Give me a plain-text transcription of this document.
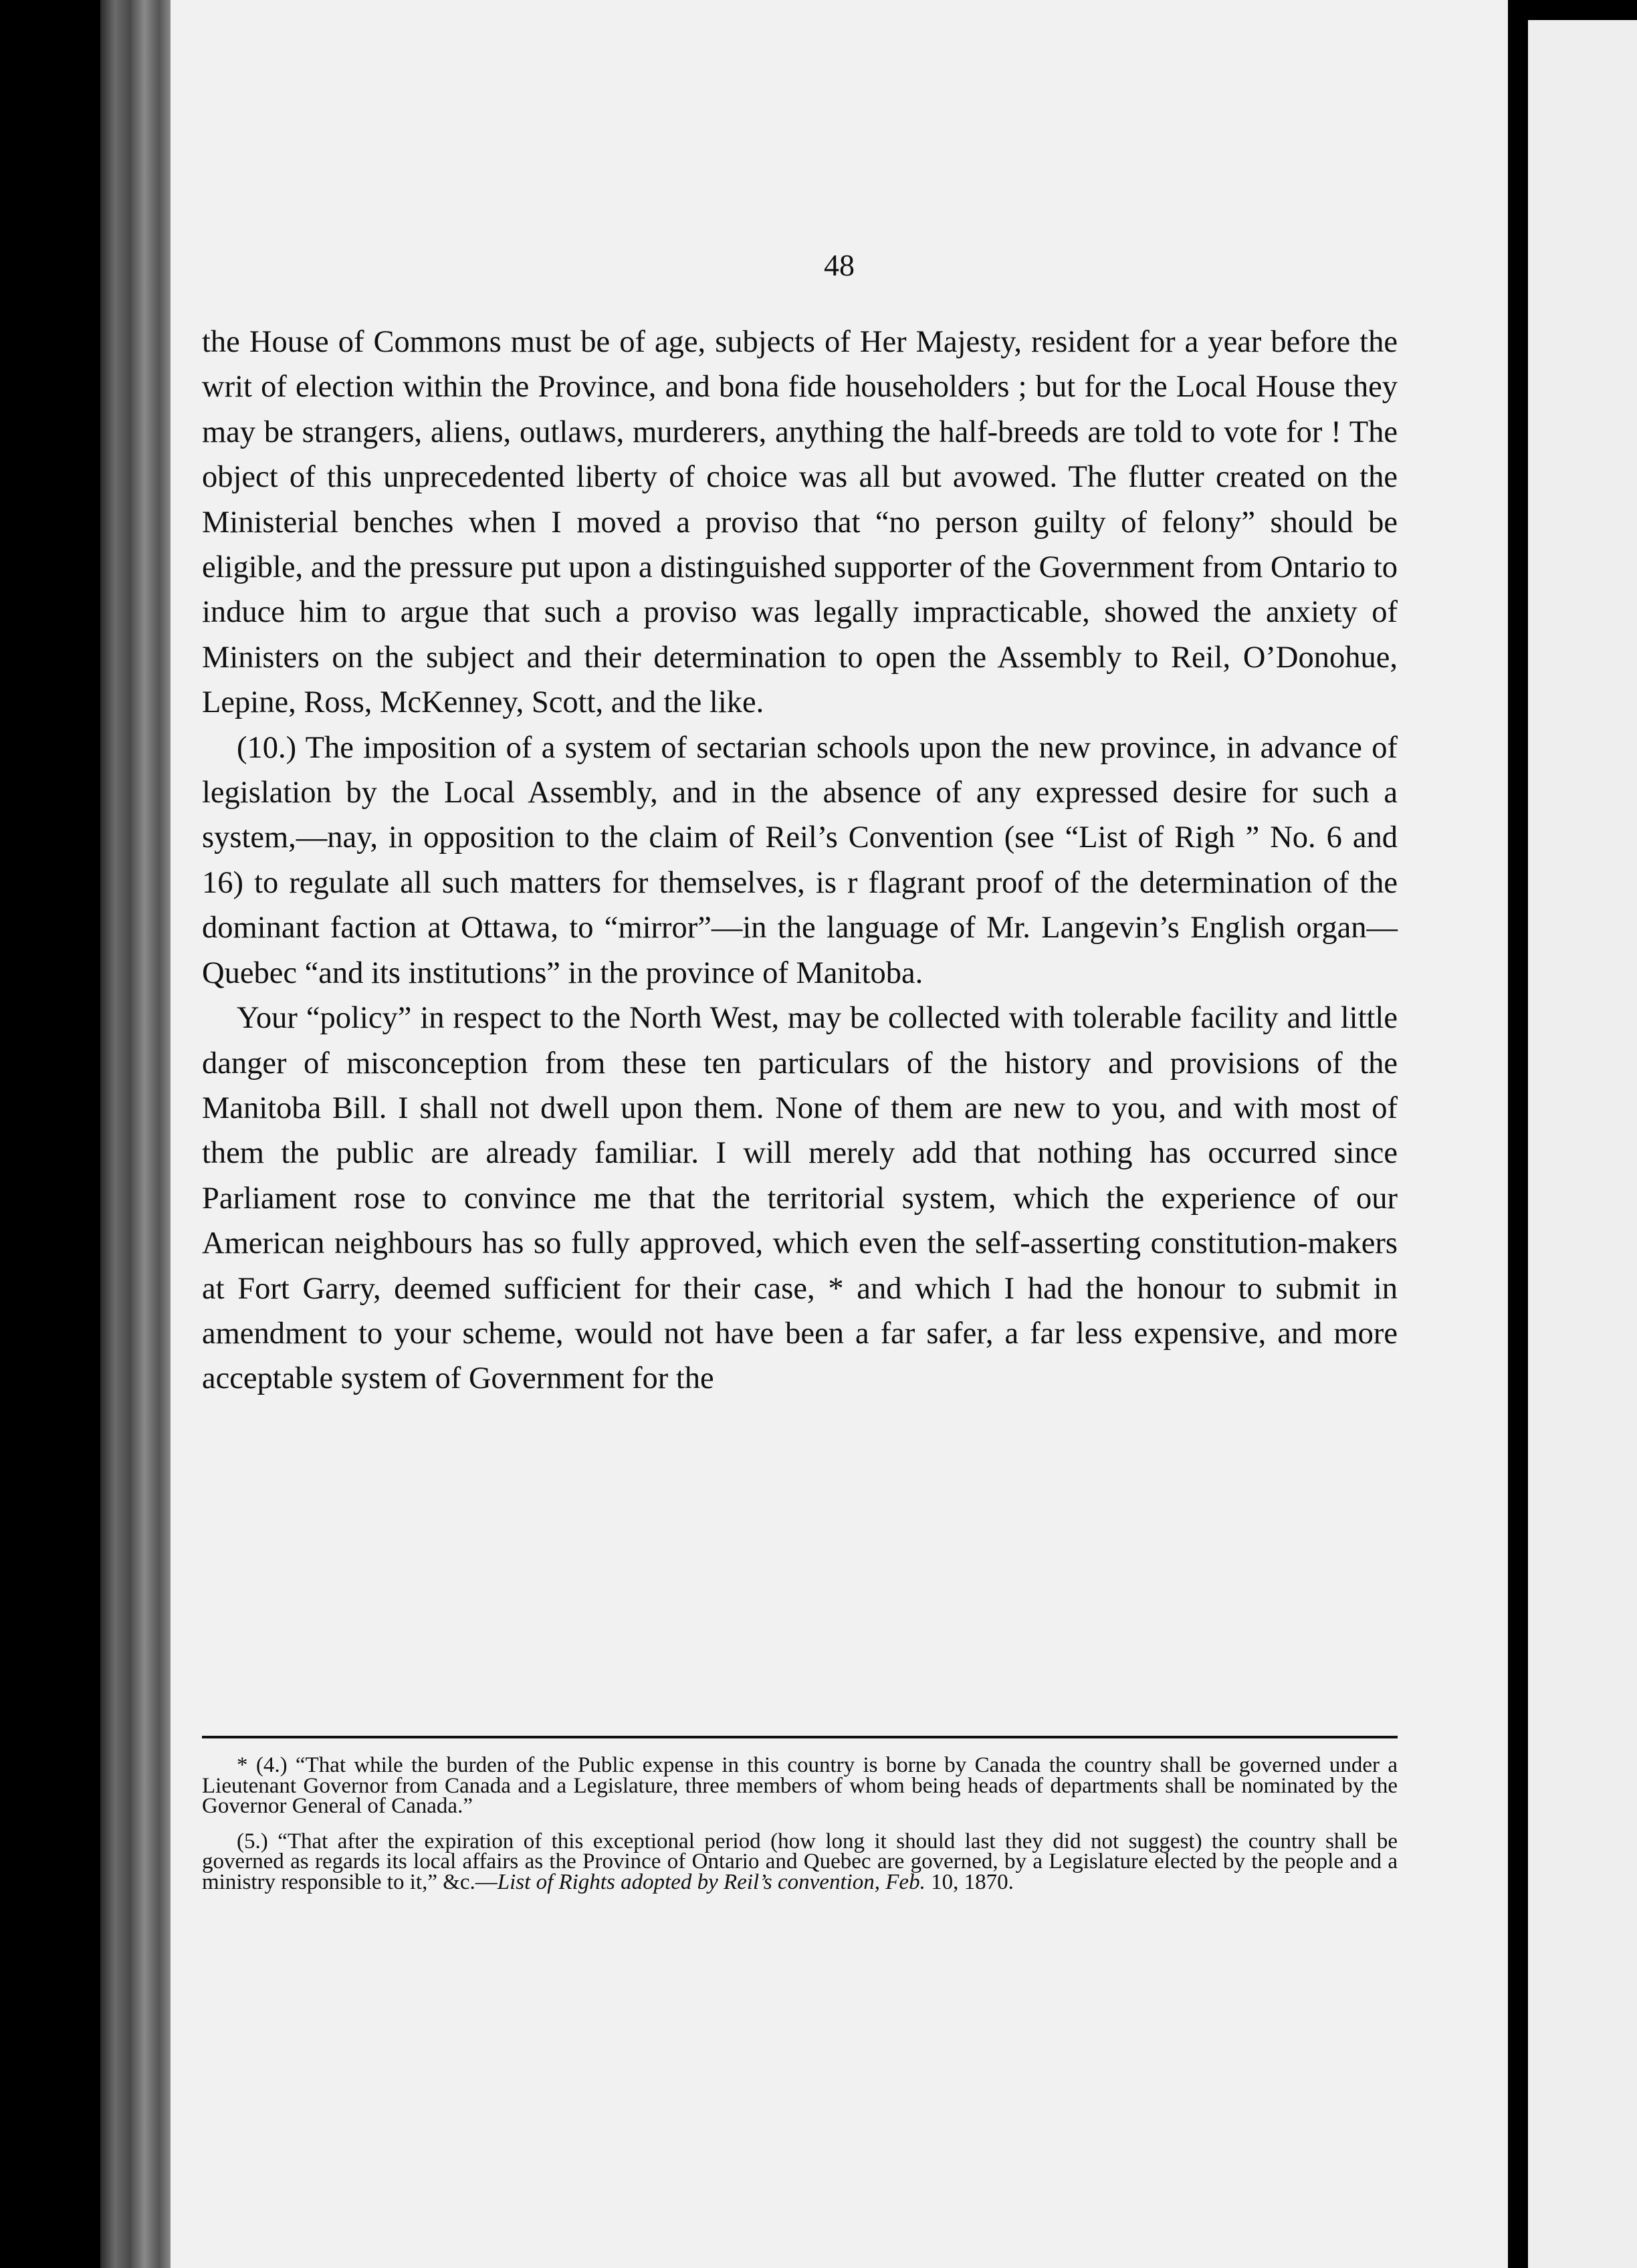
48

the House of Commons must be of age, subjects of Her Majesty, resident for a year before the writ of election within the Province, and bona fide householders ; but for the Local House they may be strangers, aliens, outlaws, murderers, anything the half-breeds are told to vote for ! The object of this unprecedented liberty of choice was all but avowed. The flutter created on the Ministerial benches when I moved a proviso that “no person guilty of felony” should be eligible, and the pressure put upon a distinguished supporter of the Government from Ontario to induce him to argue that such a proviso was legally impracticable, showed the anxiety of Ministers on the subject and their determination to open the Assembly to Reil, O’Donohue, Lepine, Ross, McKenney, Scott, and the like.

(10.) The imposition of a system of sectarian schools upon the new province, in advance of legislation by the Local Assembly, and in the absence of any expressed desire for such a system,—nay, in opposition to the claim of Reil’s Convention (see “List of Righ ” No. 6 and 16) to regulate all such matters for themselves, is r flagrant proof of the determination of the dominant faction at Ottawa, to “mirror”—in the language of Mr. Langevin’s English organ—Quebec “and its institutions” in the province of Manitoba.

Your “policy” in respect to the North West, may be collected with tolerable facility and little danger of misconception from these ten particulars of the history and provisions of the Manitoba Bill. I shall not dwell upon them. None of them are new to you, and with most of them the public are already familiar. I will merely add that nothing has occurred since Parliament rose to convince me that the territorial system, which the experience of our American neighbours has so fully approved, which even the self-asserting constitution-makers at Fort Garry, deemed sufficient for their case, * and which I had the honour to submit in amendment to your scheme, would not have been a far safer, a far less expensive, and more acceptable system of Government for the

* (4.) “That while the burden of the Public expense in this country is borne by Canada the country shall be governed under a Lieutenant Governor from Canada and a Legislature, three members of whom being heads of departments shall be nominated by the Governor General of Canada.”

(5.) “That after the expiration of this exceptional period (how long it should last they did not suggest) the country shall be governed as regards its local affairs as the Province of Ontario and Quebec are governed, by a Legislature elected by the people and a ministry responsible to it,” &c.—List of Rights adopted by Reil’s convention, Feb. 10, 1870.
